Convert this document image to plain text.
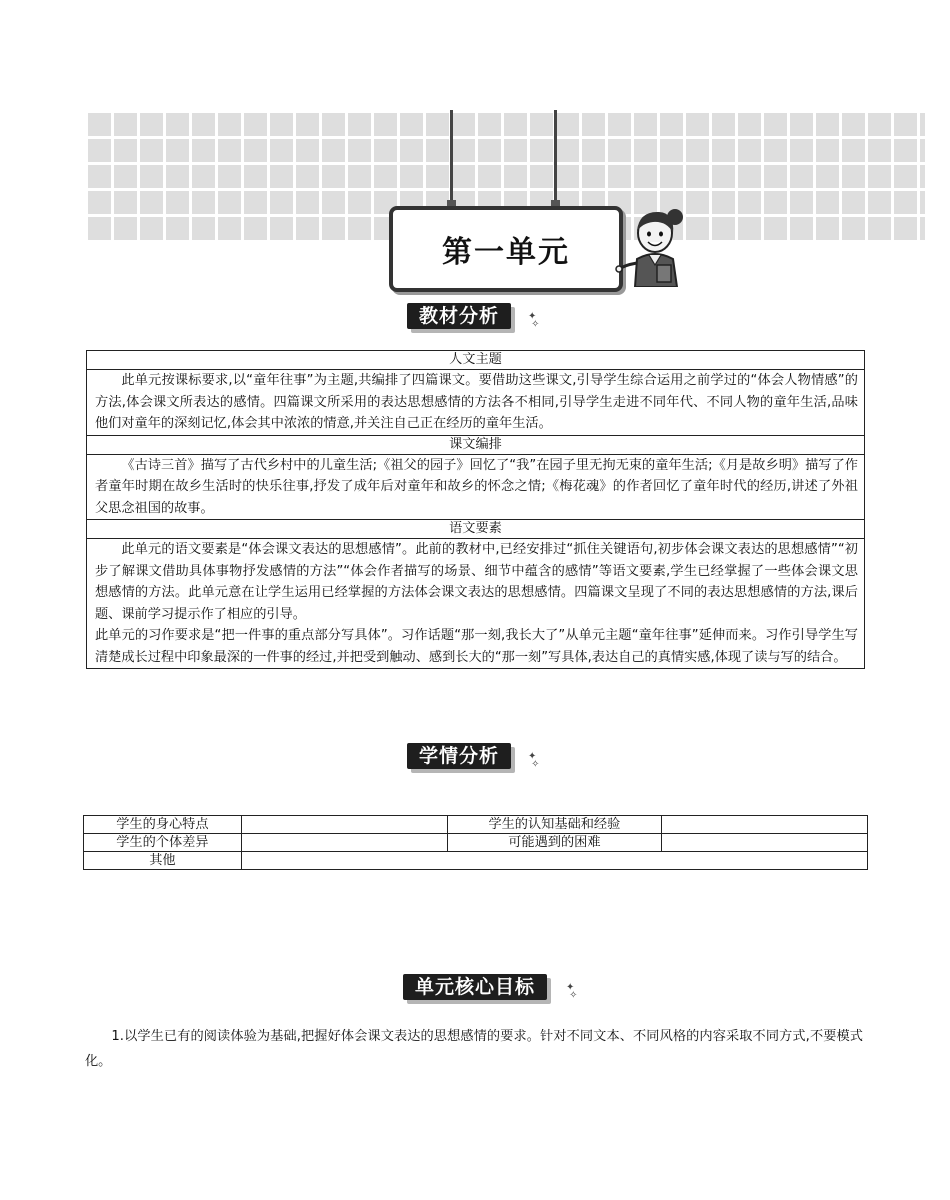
第一单元
教材分析	✦
✧
人文主题

此单元按课标要求,以“童年往事”为主题,共编排了四篇课文。要借助这些课文,引导学生综合运用之前学过的“体会人物情感”的方法,体会课文所表达的感情。四篇课文所采用的表达思想感情的方法各不相同,引导学生走进不同年代、不同人物的童年生活,品味他们对童年的深刻记忆,体会其中浓浓的情意,并关注自己正在经历的童年生活。

课文编排

《古诗三首》描写了古代乡村中的儿童生活;《祖父的园子》回忆了“我”在园子里无拘无束的童年生活;《月是故乡明》描写了作者童年时期在故乡生活时的快乐往事,抒发了成年后对童年和故乡的怀念之情;《梅花魂》的作者回忆了童年时代的经历,讲述了外祖父思念祖国的故事。

语文要素

此单元的语文要素是“体会课文表达的思想感情”。此前的教材中,已经安排过“抓住关键语句,初步体会课文表达的思想感情”“初步了解课文借助具体事物抒发感情的方法”“体会作者描写的场景、细节中蕴含的感情”等语文要素,学生已经掌握了一些体会课文思想感情的方法。此单元意在让学生运用已经掌握的方法体会课文表达的思想感情。四篇课文呈现了不同的表达思想感情的方法,课后题、课前学习提示作了相应的引导。

此单元的习作要求是“把一件事的重点部分写具体”。习作话题“那一刻,我长大了”从单元主题“童年往事”延伸而来。习作引导学生写清楚成长过程中印象最深的一件事的经过,并把受到触动、感到长大的“那一刻”写具体,表达自己的真情实感,体现了读与写的结合。

学情分析	✦
✧
学生的身心特点		学生的认知基础和经验	
学生的个体差异		可能遇到的困难	
其他			
单元核心目标	✦
✧

1.以学生已有的阅读体验为基础,把握好体会课文表达的思想感情的要求。针对不同文本、不同风格的内容采取不同方式,不要模式化。
